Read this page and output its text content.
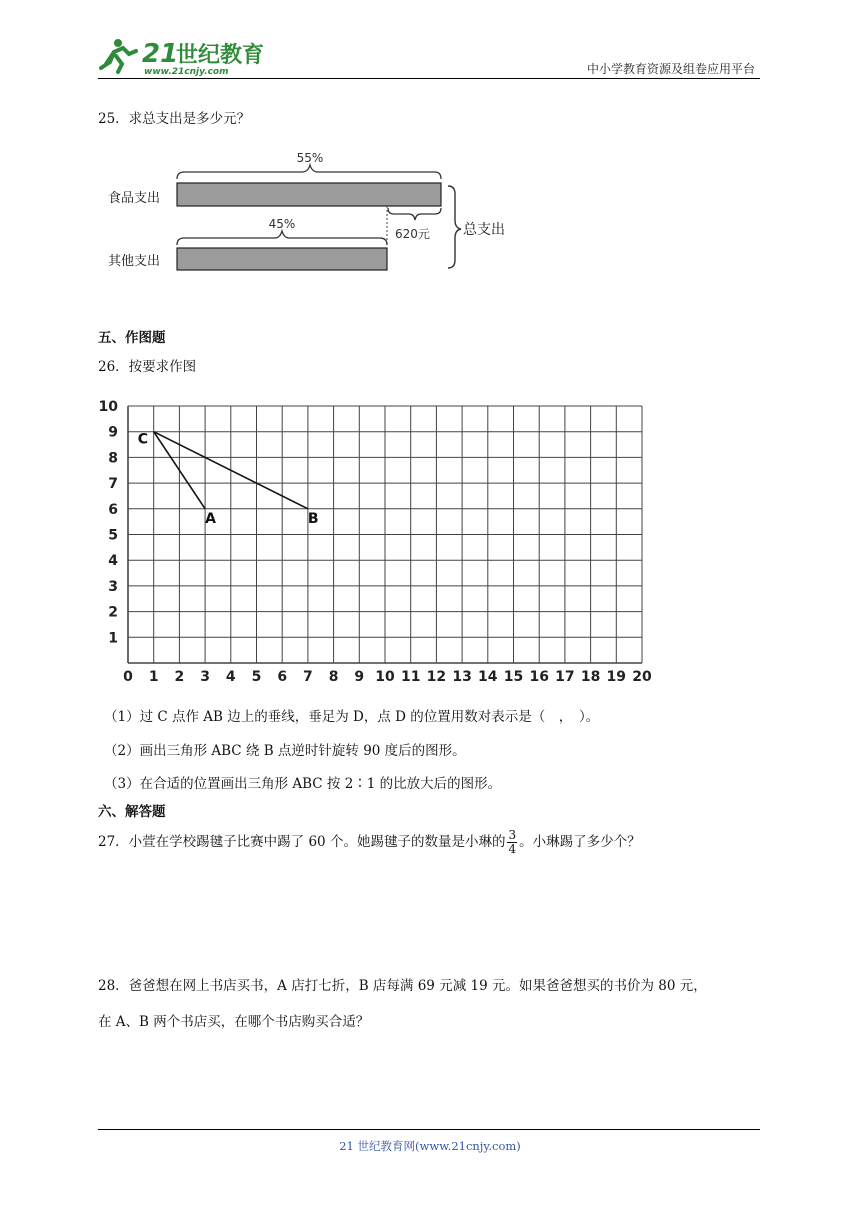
21
世纪教育
www.21cnjy.com	中小学教育资源及组卷应用平台
25．求总支出是多少元？
55%
食品支出
620元
45%
其他支出
总支出
五、作图题
26．按要求作图
0 1 2 3 4 5 6 7 8 9 10 11 12 13 14 15 16 17 18 19 20
1
2
3
4
5
6
7
8
9
10
C
A	B
（1）过 C 点作 AB 边上的垂线，垂足为 D，点 D 的位置用数对表示是（　，　）。
（2）画出三角形 ABC 绕 B 点逆时针旋转 90 度后的图形。
（3）在合适的位置画出三角形 ABC 按 2∶1 的比放大后的图形。
六、解答题
27．小萱在学校踢毽子比赛中踢了 60 个。她踢毽子的数量是小琳的 $\frac{3}{4}$ 。小琳踢了多少个？
28．爸爸想在网上书店买书，A 店打七折，B 店每满 69 元减 19 元。如果爸爸想买的书价为 80 元，
在 A、B 两个书店买，在哪个书店购买合适？
21 世纪教育网(www.21cnjy.com)
